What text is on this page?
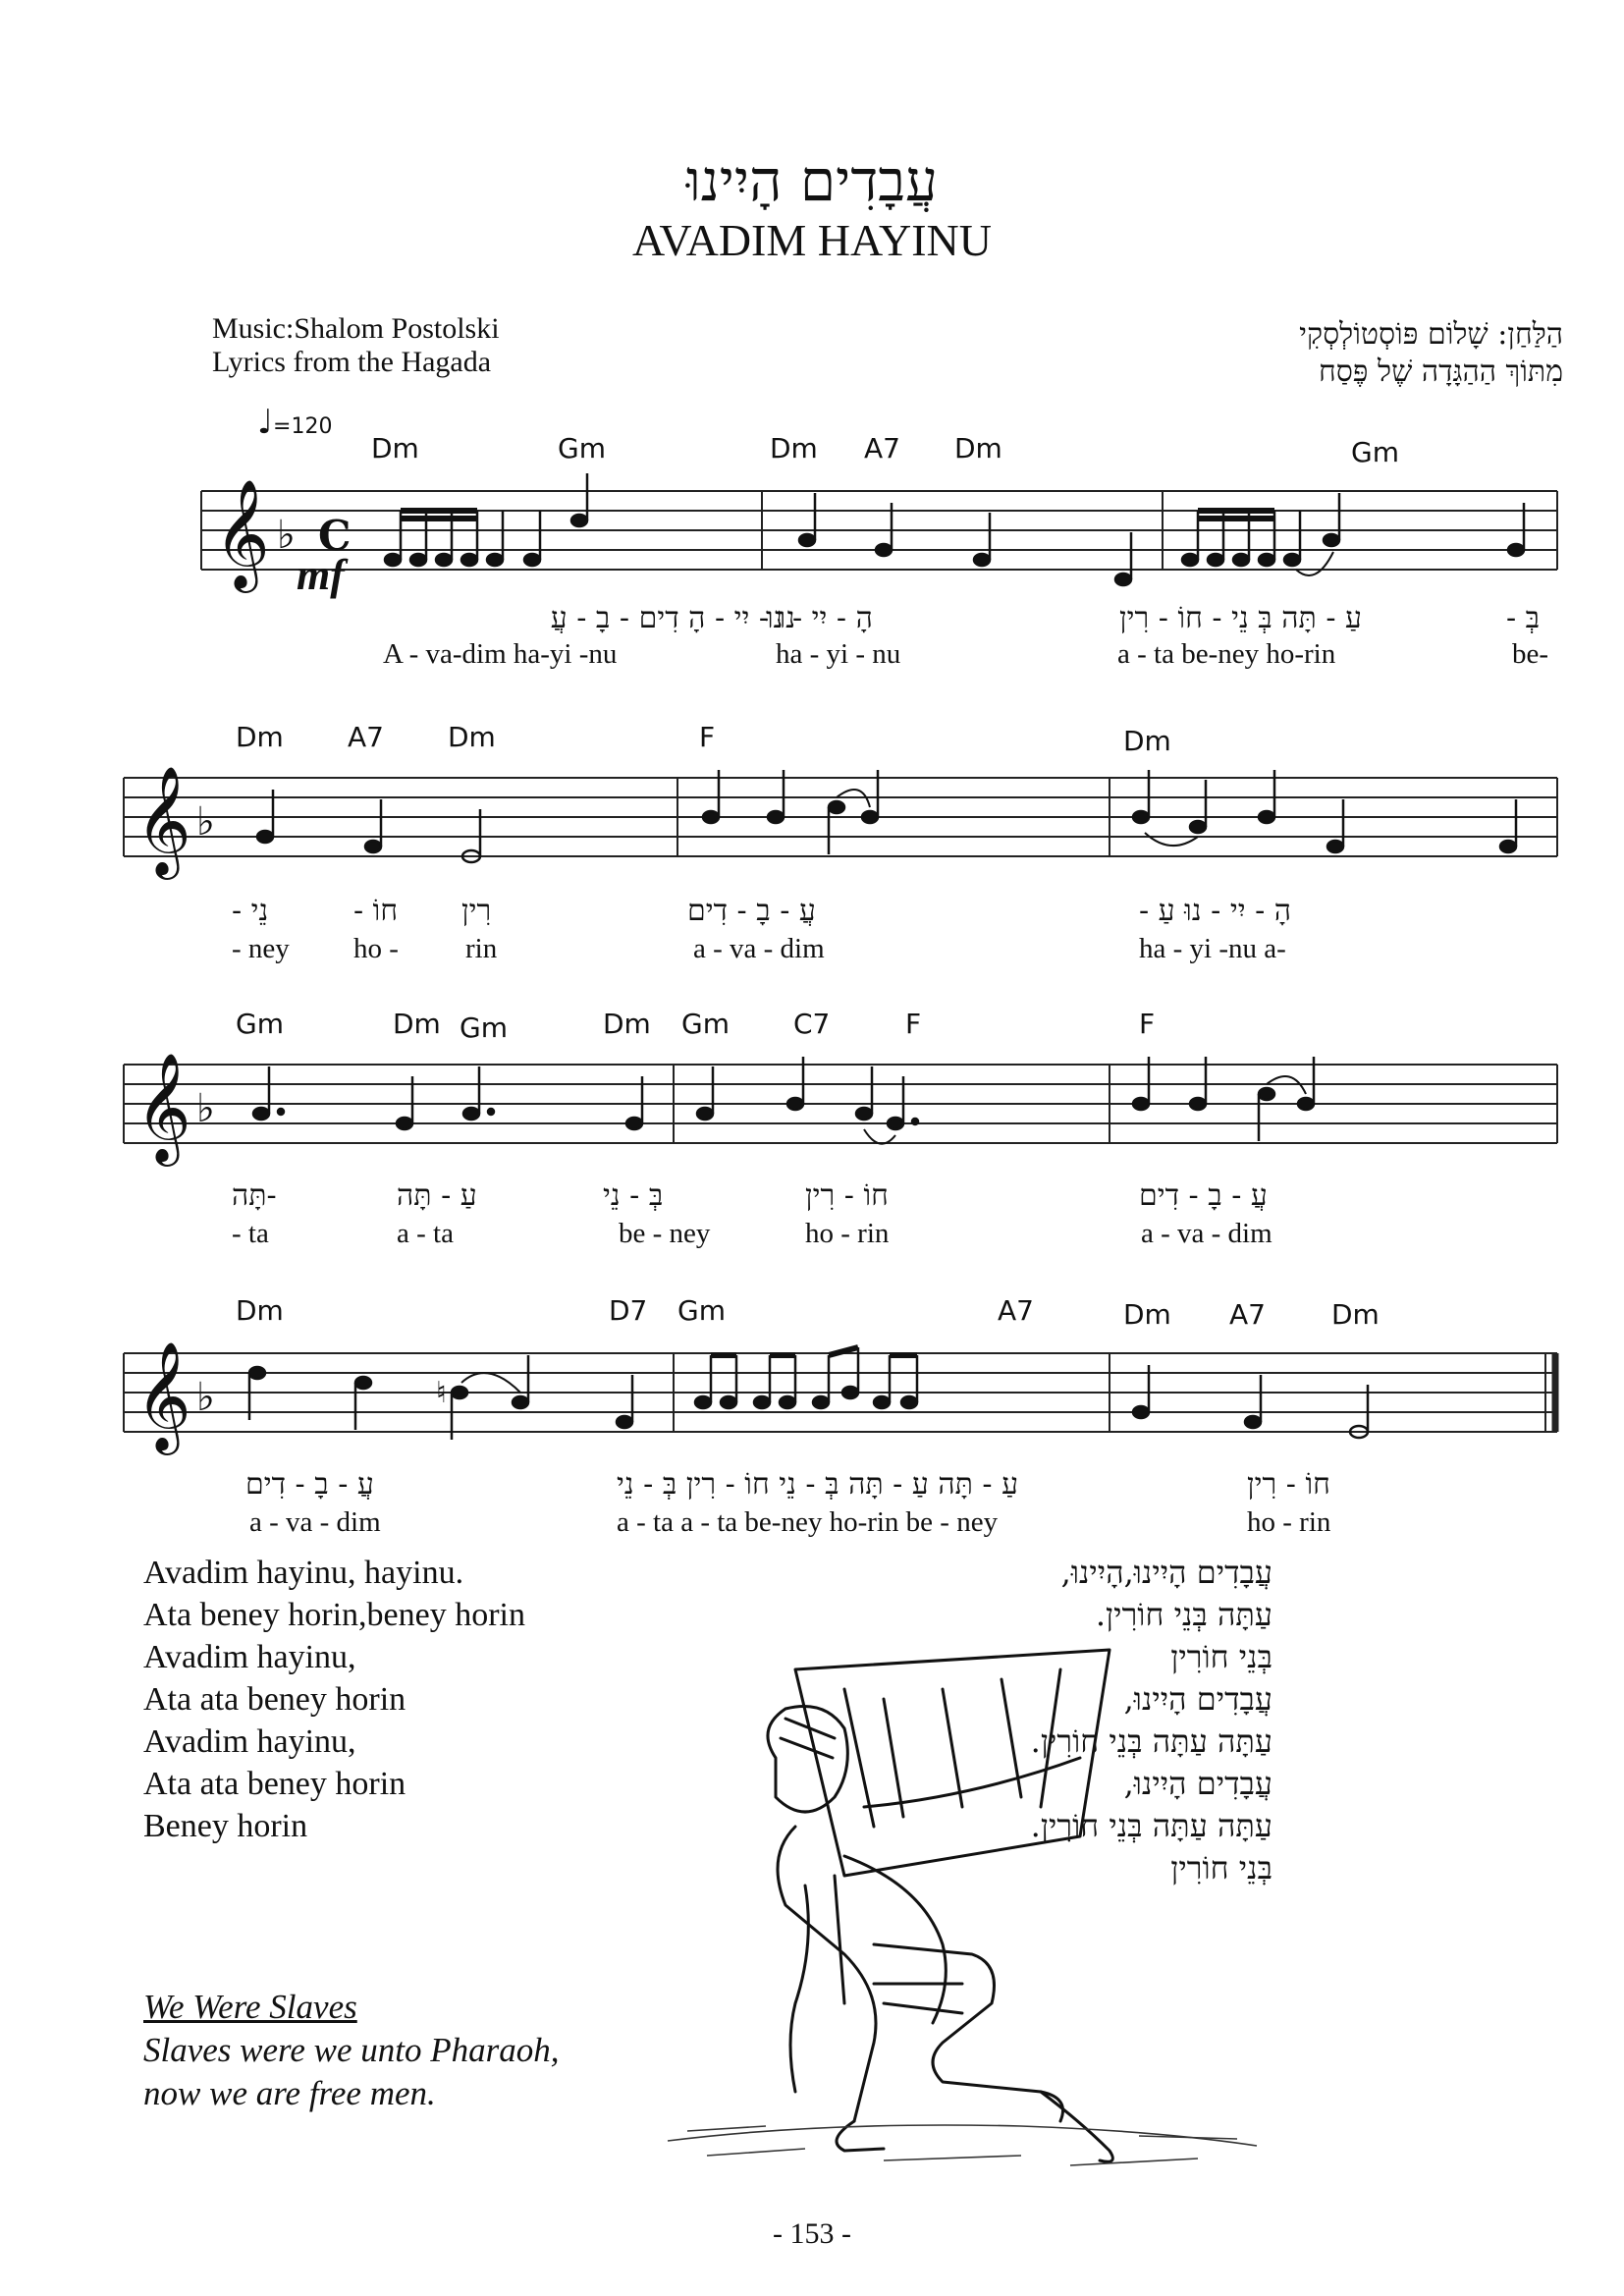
עֲבָדִים הָיִינוּ
AVADIM HAYINU
Music:Shalom Postolski
Lyrics from the Hagada
הַלַּחַן: שָׁלוֹם פּוֹסְטוֹלְסְקִי
מִתּוֹךְ הַהַגָּדָה שֶׁל פֶּסַח
♩=120
Dm	Gm	Dm A7 Dm	Gm
𝄞 ♭ C
mf
נוּ - יִי - הָ דִים - בָ - עֲ
הָ - יִי - נוּ	עַ - תָּה בְּ נֵי - חוֹ - רִין	בְּ -
A - va-dim ha-yi -nu	ha - yi - nu	a - ta be-ney ho-rin	be-
Dm A7 Dm	F	Dm
𝄞 ♭
נֵי -	חוֹ - רִין	עֲ - בָ - דִים	הָ - יִי - נוּ עַ -
- ney ho - rin	a - va - dim	ha - yi -nu a-
Gm	Dm Gm	Dm Gm C7	F	F
𝄞 ♭
-תָּה	עַ - תָּה	בְּ - נֵי	חוֹ - רִין	עֲ - בָ - דִים
- ta	a - ta	be - ney	ho - rin	a - va - dim
Dm	D7 Gm	A7	Dm A7 Dm
𝄞 ♭	♮
עֲ - בָ - דִים	עַ - תָּה עַ - תָּה בְּ - נֵי חוֹ - רִין בְּ - נֵי	חוֹ - רִין
a - va - dim	a - ta a - ta be-ney ho-rin be - ney	ho - rin
Avadim hayinu, hayinu.
Ata beney horin,beney horin
Avadim hayinu,
Ata ata beney horin
Avadim hayinu,
Ata ata beney horin
Beney horin
עֲבָדִים הָיִינוּ,הָיִינוּ,
עַתָּה בְּנֵי חוֹרִין.
בְּנֵי חוֹרִין
עֲבָדִים הָיִינוּ,
עַתָּה עַתָּה בְּנֵי חוֹרִין.
עֲבָדִים הָיִינוּ,
עַתָּה עַתָּה בְּנֵי חוֹרִין.
בְּנֵי חוֹרִין
We Were Slaves
Slaves were we unto Pharaoh,
now we are free men.
- 153 -
